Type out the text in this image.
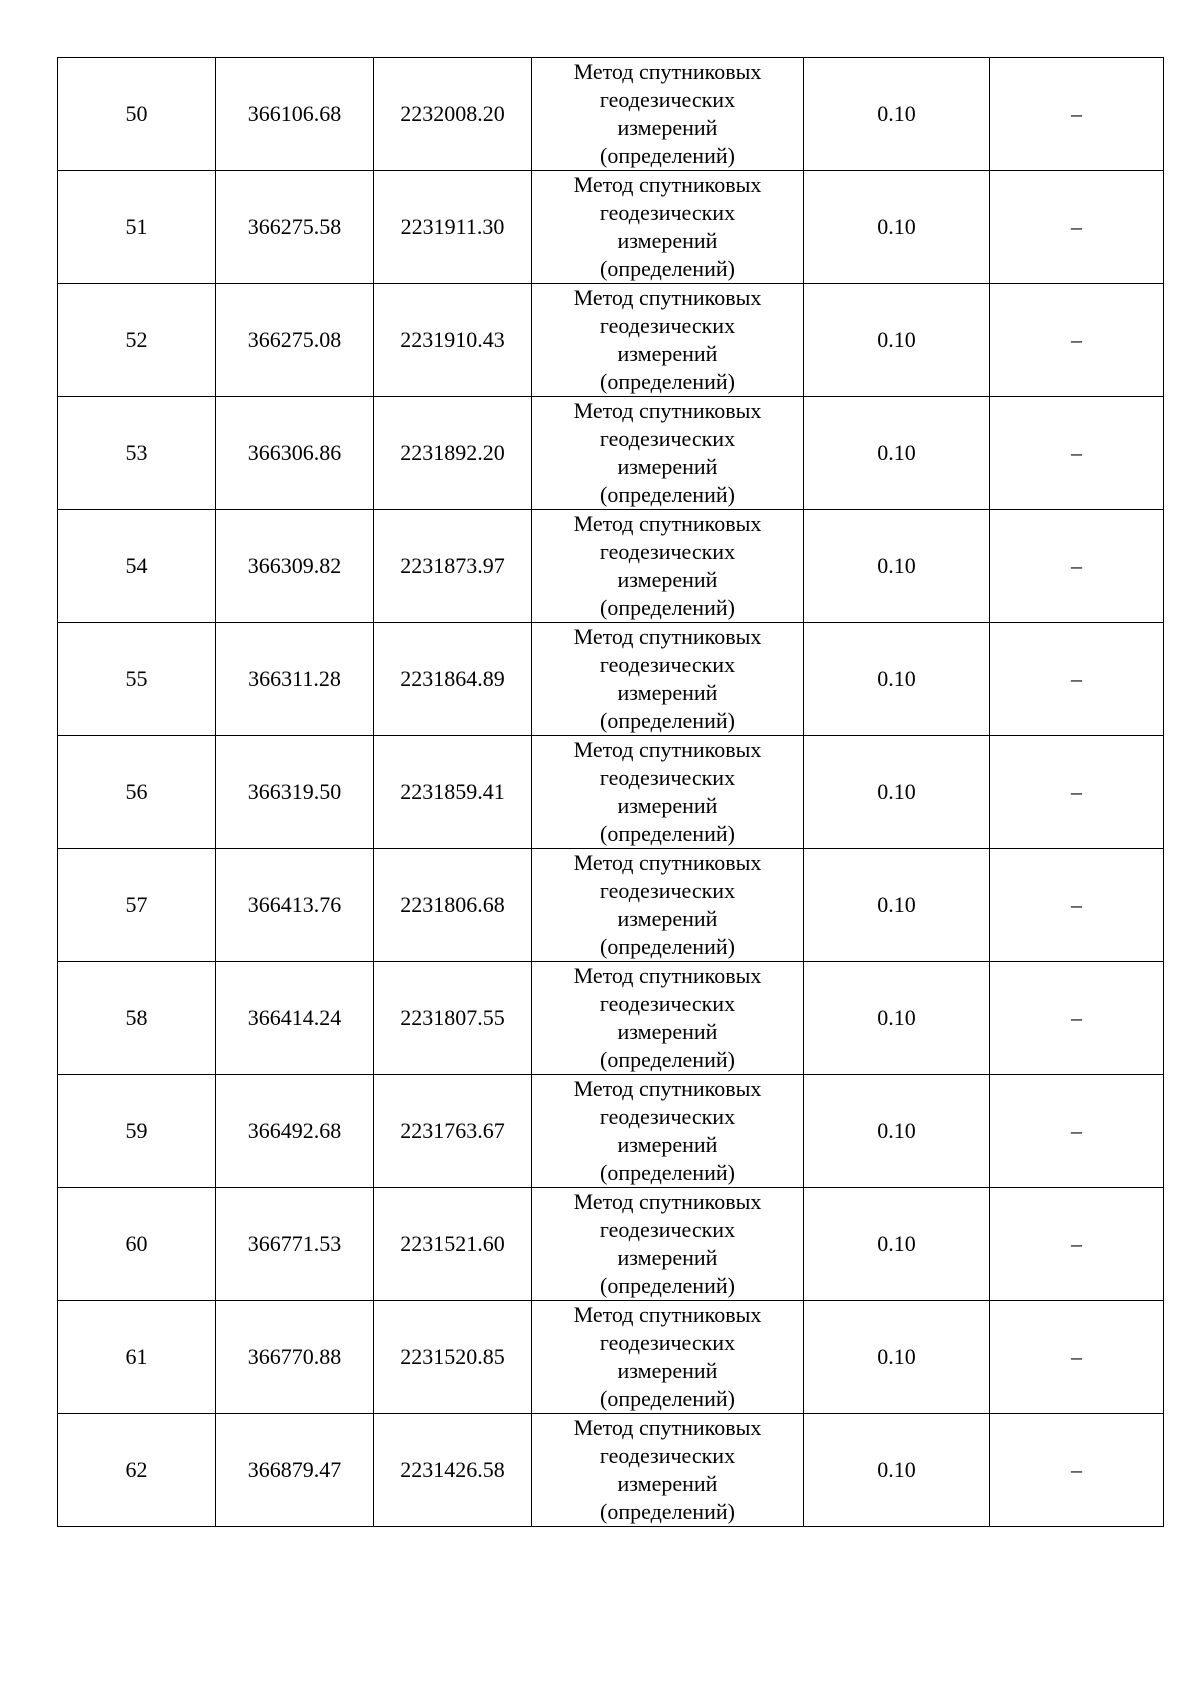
50	366106.68	2232008.20	Метод спутниковых
геодезических
измерений
(определений)	0.10	–
51	366275.58	2231911.30	Метод спутниковых
геодезических
измерений
(определений)	0.10	–
52	366275.08	2231910.43	Метод спутниковых
геодезических
измерений
(определений)	0.10	–
53	366306.86	2231892.20	Метод спутниковых
геодезических
измерений
(определений)	0.10	–
54	366309.82	2231873.97	Метод спутниковых
геодезических
измерений
(определений)	0.10	–
55	366311.28	2231864.89	Метод спутниковых
геодезических
измерений
(определений)	0.10	–
56	366319.50	2231859.41	Метод спутниковых
геодезических
измерений
(определений)	0.10	–
57	366413.76	2231806.68	Метод спутниковых
геодезических
измерений
(определений)	0.10	–
58	366414.24	2231807.55	Метод спутниковых
геодезических
измерений
(определений)	0.10	–
59	366492.68	2231763.67	Метод спутниковых
геодезических
измерений
(определений)	0.10	–
60	366771.53	2231521.60	Метод спутниковых
геодезических
измерений
(определений)	0.10	–
61	366770.88	2231520.85	Метод спутниковых
геодезических
измерений
(определений)	0.10	–
62	366879.47	2231426.58	Метод спутниковых
геодезических
измерений
(определений)	0.10	–
